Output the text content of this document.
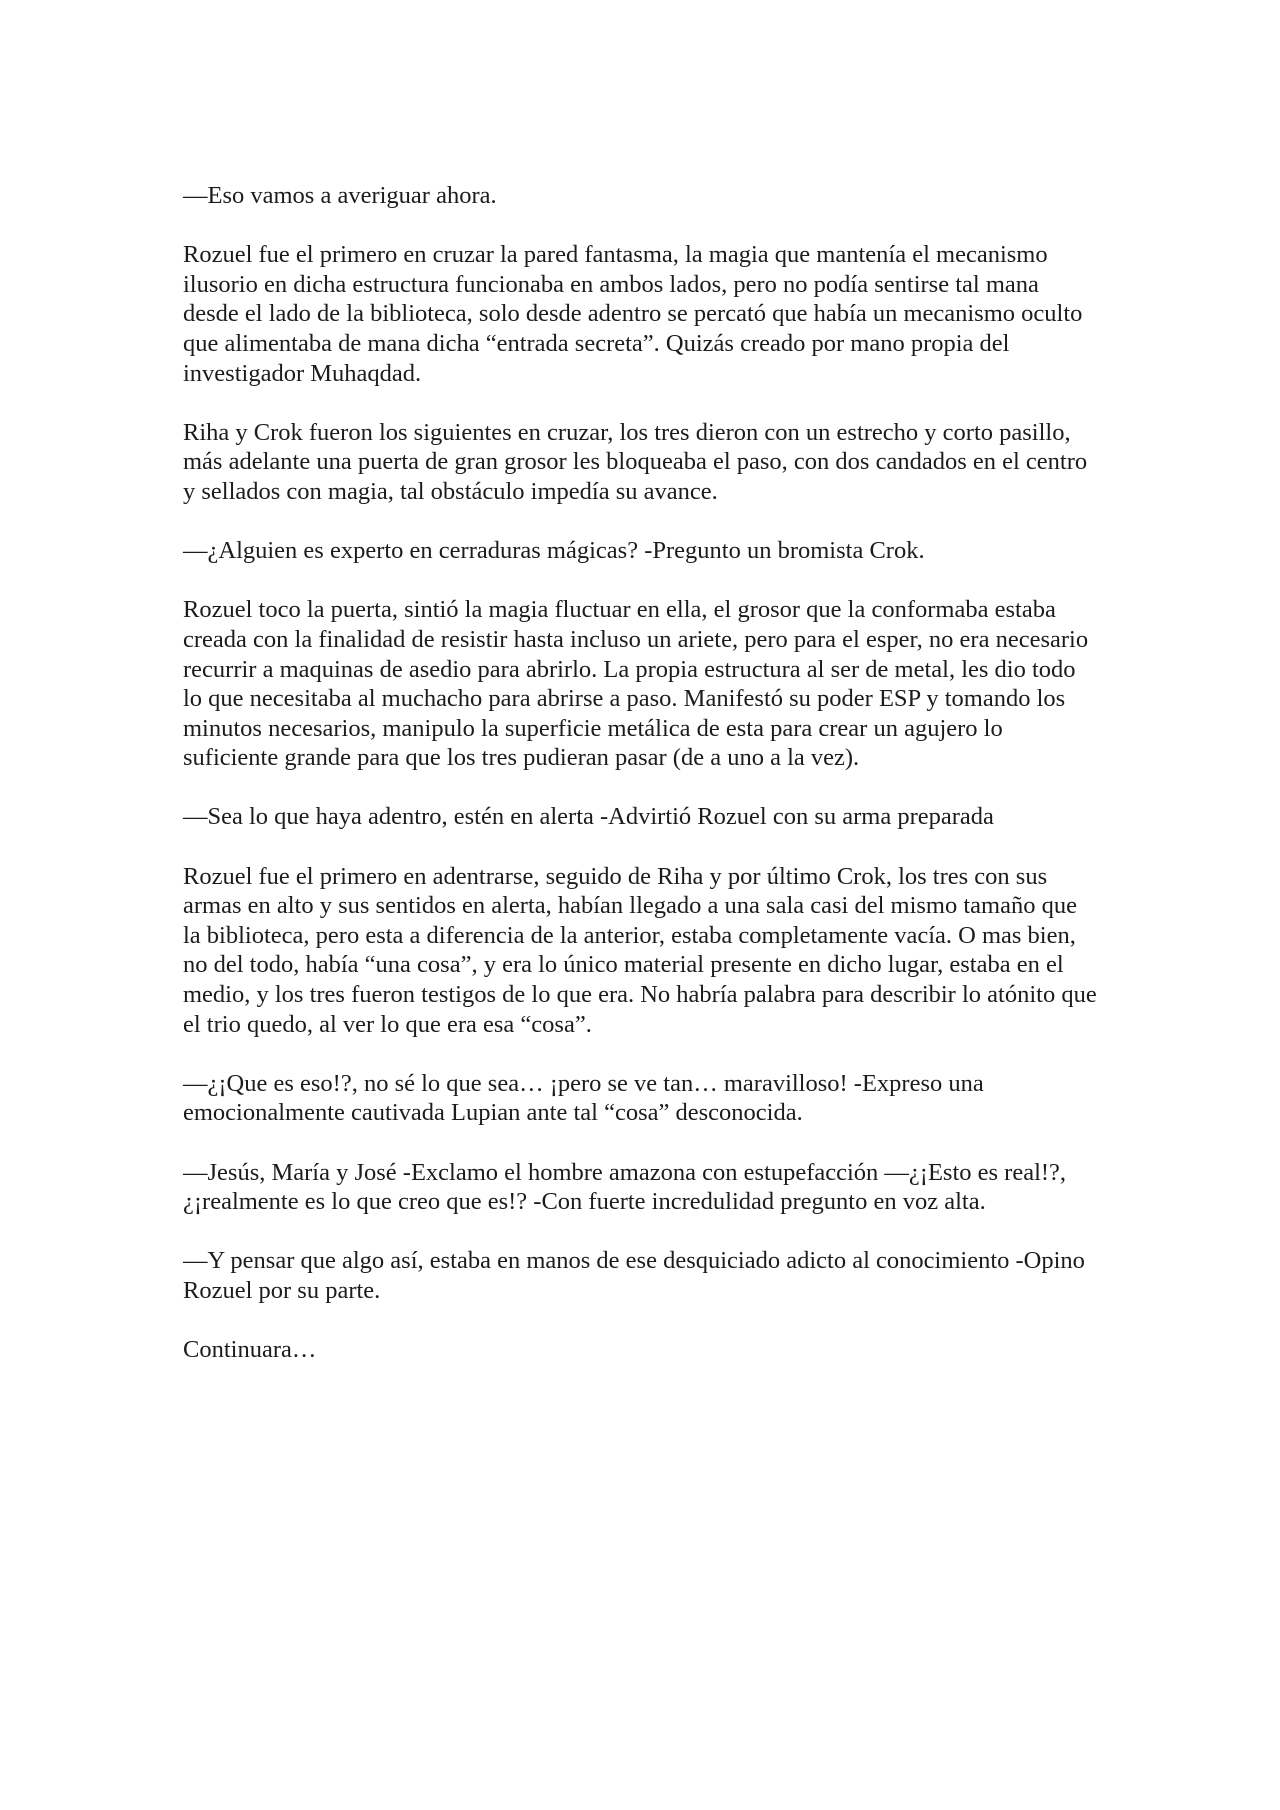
—Eso vamos a averiguar ahora.

Rozuel fue el primero en cruzar la pared fantasma, la magia que mantenía el mecanismo ilusorio en dicha estructura funcionaba en ambos lados, pero no podía sentirse tal mana desde el lado de la biblioteca, solo desde adentro se percató que había un mecanismo oculto que alimentaba de mana dicha “entrada secreta”. Quizás creado por mano propia del investigador Muhaqdad.

Riha y Crok fueron los siguientes en cruzar, los tres dieron con un estrecho y corto pasillo, más adelante una puerta de gran grosor les bloqueaba el paso, con dos candados en el centro y sellados con magia, tal obstáculo impedía su avance.

—¿Alguien es experto en cerraduras mágicas? -Pregunto un bromista Crok.

Rozuel toco la puerta, sintió la magia fluctuar en ella, el grosor que la conformaba estaba creada con la finalidad de resistir hasta incluso un ariete, pero para el esper, no era necesario recurrir a maquinas de asedio para abrirlo. La propia estructura al ser de metal, les dio todo lo que necesitaba al muchacho para abrirse a paso. Manifestó su poder ESP y tomando los minutos necesarios, manipulo la superficie metálica de esta para crear un agujero lo suficiente grande para que los tres pudieran pasar (de a uno a la vez).

—Sea lo que haya adentro, estén en alerta -Advirtió Rozuel con su arma preparada

Rozuel fue el primero en adentrarse, seguido de Riha y por último Crok, los tres con sus armas en alto y sus sentidos en alerta, habían llegado a una sala casi del mismo tamaño que la biblioteca, pero esta a diferencia de la anterior, estaba completamente vacía. O mas bien, no del todo, había “una cosa”, y era lo único material presente en dicho lugar, estaba en el medio, y los tres fueron testigos de lo que era. No habría palabra para describir lo atónito que el trio quedo, al ver lo que era esa “cosa”.

—¿¡Que es eso!?, no sé lo que sea… ¡pero se ve tan… maravilloso! -Expreso una emocionalmente cautivada Lupian ante tal “cosa” desconocida.

—Jesús, María y José -Exclamo el hombre amazona con estupefacción —¿¡Esto es real!?, ¿¡realmente es lo que creo que es!? -Con fuerte incredulidad pregunto en voz alta.

—Y pensar que algo así, estaba en manos de ese desquiciado adicto al conocimiento -Opino Rozuel por su parte.

Continuara…
